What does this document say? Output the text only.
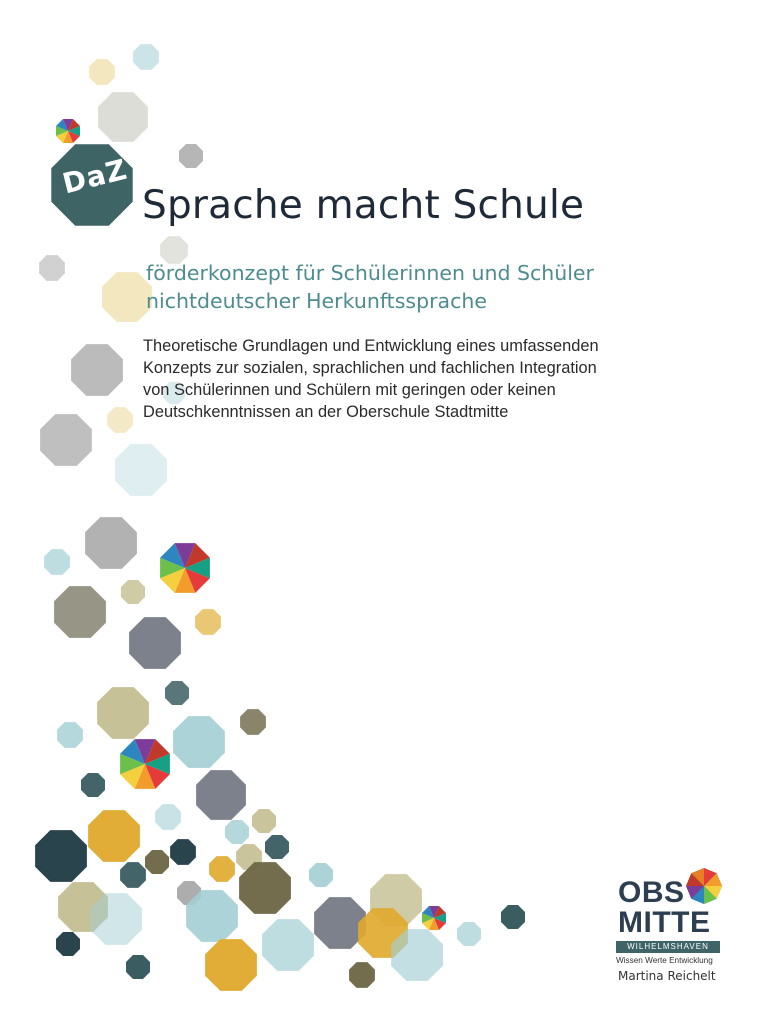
DaZ
Sprache macht Schule
förderkonzept für Schülerinnen und Schüler
nichtdeutscher Herkunftssprache
Theoretische Grundlagen und Entwicklung eines umfassenden
Konzepts zur sozialen, sprachlichen und fachlichen Integration
von Schülerinnen und Schülern mit geringen oder keinen
Deutschkenntnissen an der Oberschule Stadtmitte
OBS
MITTE
WILHELMSHAVEN
Wissen Werte Entwicklung
Martina Reichelt
